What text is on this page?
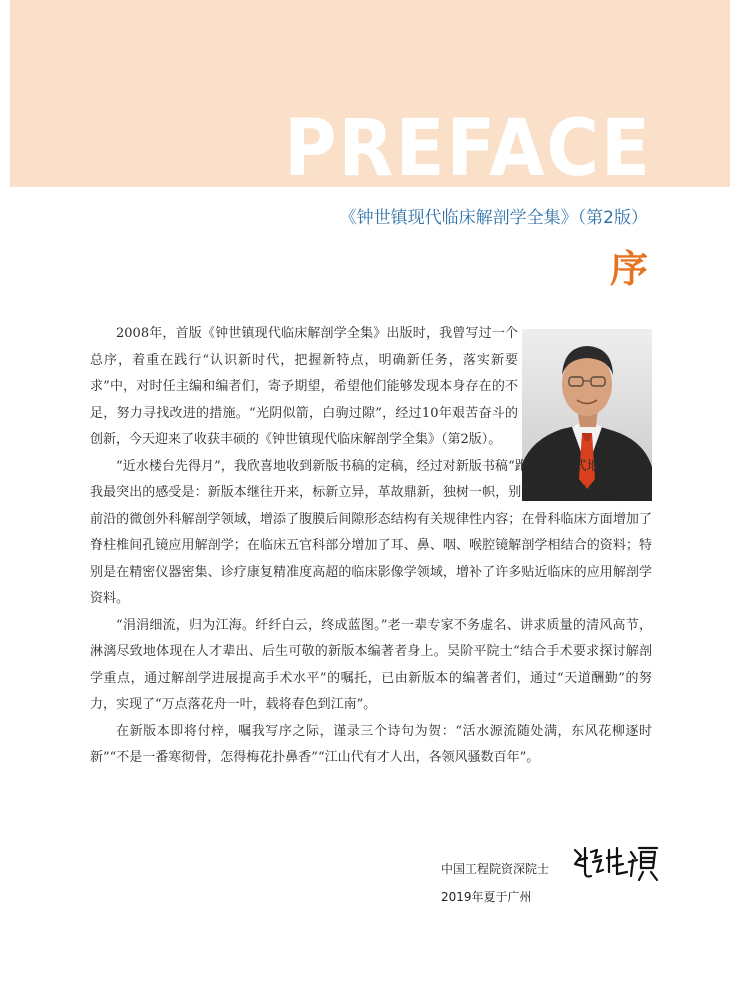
PREFACE
《钟世镇现代临床解剖学全集》（第2版）
序

2008年，首版《钟世镇现代临床解剖学全集》出版时，我曾写过一个总序，着重在践行“认识新时代，把握新特点，明确新任务，落实新要求”中，对时任主编和编者们，寄予期望，希望他们能够发现本身存在的不足，努力寻找改进的措施。“光阴似箭，白驹过隙”，经过10年艰苦奋斗的创新，今天迎来了收获丰硕的《钟世镇现代临床解剖学全集》（第2版）。

“近水楼台先得月”，我欣喜地收到新版书稿的定稿，经过对新版书稿“跑马观花”式地浏览后，我最突出的感受是：新版本继往开来，标新立异，革故鼎新，独树一帜，别具匠心。例如：在临床前沿的微创外科解剖学领域，增添了腹膜后间隙形态结构有关规律性内容；在骨科临床方面增加了脊柱椎间孔镜应用解剖学；在临床五官科部分增加了耳、鼻、咽、喉腔镜解剖学相结合的资料；特别是在精密仪器密集、诊疗康复精准度高超的临床影像学领域，增补了许多贴近临床的应用解剖学资料。

“涓涓细流，归为江海。纤纤白云，终成蓝图。”老一辈专家不务虚名、讲求质量的清风高节，淋漓尽致地体现在人才辈出、后生可敬的新版本编著者身上。吴阶平院士“结合手术要求探讨解剖学重点，通过解剖学进展提高手术水平”的嘱托，已由新版本的编著者们，通过“天道酬勤”的努力，实现了“万点落花舟一叶，载将春色到江南”。

在新版本即将付梓，嘱我写序之际，谨录三个诗句为贺：“活水源流随处满，东风花柳逐时新”“不是一番寒彻骨，怎得梅花扑鼻香”“江山代有才人出，各领风骚数百年”。

中国工程院资深院士
2019年夏于广州
